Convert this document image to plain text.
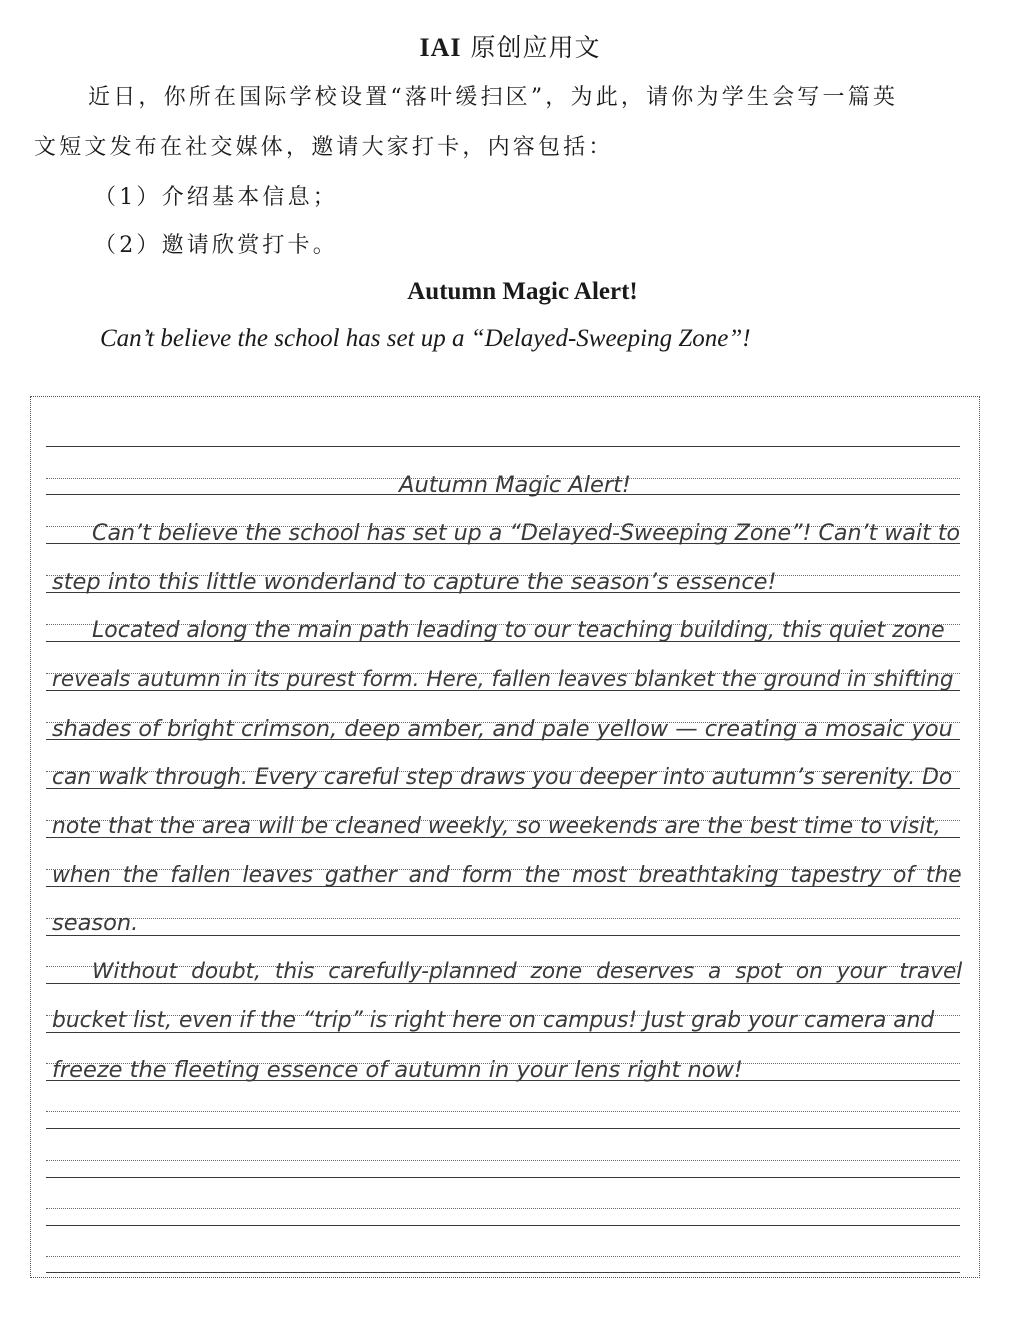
IAI 原创应用文
近日，你所在国际学校设置“落叶缓扫区”，为此，请你为学生会写一篇英
文短文发布在社交媒体，邀请大家打卡，内容包括：
（1）介绍基本信息；
（2）邀请欣赏打卡。
Autumn Magic Alert!
Can’t believe the school has set up a “Delayed-Sweeping Zone”!
Autumn Magic Alert!
Can’t believe the school has set up a “Delayed-Sweeping Zone”! Can’t wait to
step into this little wonderland to capture the season’s essence!
Located along the main path leading to our teaching building, this quiet zone
reveals autumn in its purest form. Here, fallen leaves blanket the ground in shifting
shades of bright crimson, deep amber, and pale yellow — creating a mosaic you
can walk through. Every careful step draws you deeper into autumn’s serenity. Do
note that the area will be cleaned weekly, so weekends are the best time to visit,
when the fallen leaves gather and form the most breathtaking tapestry of the
season.
Without doubt, this carefully-planned zone deserves a spot on your travel
bucket list, even if the “trip” is right here on campus! Just grab your camera and
freeze the fleeting essence of autumn in your lens right now!
